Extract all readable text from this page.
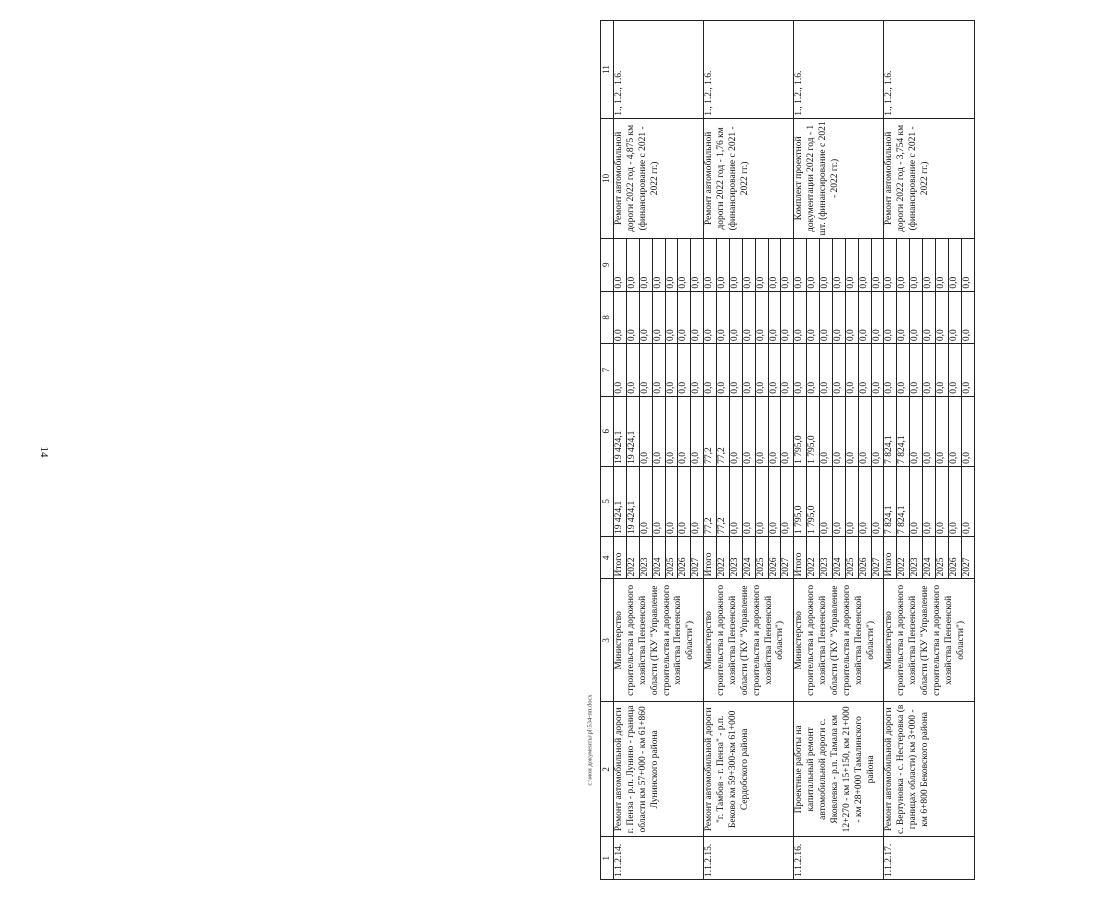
14
1	2	3	4	5	6	7	8	9	10	11
1.1.2.14.	Ремонт автомобильной дороги г. Пенза - р.п. Лунино - граница области км 57+000 - км 61+860 Лунинского района	Министерство строительства и дорожного хозяйства Пензенской области (ГКУ "Управление строительства и дорожного хозяйства Пензенской области")	Итого	19 424,1	19 424,1	0,0	0,0	0,0	Ремонт автомобильной дороги 2022 год - 4,875 км (финансирование с 2021 - 2022 гг.)	1., 1.2., 1.6.
			2022	19 424,1	19 424,1	0,0	0,0	0,0		
			2023	0,0	0,0	0,0	0,0	0,0		
			2024	0,0	0,0	0,0	0,0	0,0		
			2025	0,0	0,0	0,0	0,0	0,0		
			2026	0,0	0,0	0,0	0,0	0,0		
			2027	0,0	0,0	0,0	0,0	0,0		
1.1.2.15.	Ремонт автомобильной дороги "г. Тамбов - г. Пенза" - р.п. Беково км 59+300-км 61+000 Сердобского района	Министерство строительства и дорожного хозяйства Пензенской области (ГКУ "Управление строительства и дорожного хозяйства Пензенской области")	Итого	77,2	77,2	0,0	0,0	0,0	Ремонт автомобильной дороги 2022 год - 1,76 км (финансирование с 2021 - 2022 гг.)	1., 1.2., 1.6.
			2022	77,2	77,2	0,0	0,0	0,0		
			2023	0,0	0,0	0,0	0,0	0,0		
			2024	0,0	0,0	0,0	0,0	0,0		
			2025	0,0	0,0	0,0	0,0	0,0		
			2026	0,0	0,0	0,0	0,0	0,0		
			2027	0,0	0,0	0,0	0,0	0,0		
1.1.2.16.	Проектные работы на капитальный ремонт автомобильной дороги с. Яковлевка - р.п. Тамала км 12+270 - км 15+150, км 21+000 - км 28+000 Тамалинского района	Министерство строительства и дорожного хозяйства Пензенской области (ГКУ "Управление строительства и дорожного хозяйства Пензенской области")	Итого	1 795,0	1 795,0	0,0	0,0	0,0	Комплект проектной документации 2022 год - 1 шт. (финансирование с 2021 - 2022 гг.)	1., 1.2., 1.6.
			2022	1 795,0	1 795,0	0,0	0,0	0,0		
			2023	0,0	0,0	0,0	0,0	0,0		
			2024	0,0	0,0	0,0	0,0	0,0		
			2025	0,0	0,0	0,0	0,0	0,0		
			2026	0,0	0,0	0,0	0,0	0,0		
			2027	0,0	0,0	0,0	0,0	0,0		
1.1.2.17.	Ремонт автомобильной дороги с. Вертуновка - с. Нестеровка (в границах области) км 3+000 - км 6+800 Бековского района	Министерство строительства и дорожного хозяйства Пензенской области (ГКУ "Управление строительства и дорожного хозяйства Пензенской области")	Итого	7 824,1	7 824,1	0,0	0,0	0,0	Ремонт автомобильной дороги 2022 год - 3,754 км (финансирование с 2021 - 2022 гг.)	1., 1.2., 1.6.
			2022	7 824,1	7 824,1	0,0	0,0	0,0		
			2023	0,0	0,0	0,0	0,0	0,0		
			2024	0,0	0,0	0,0	0,0	0,0		
			2025	0,0	0,0	0,0	0,0	0,0		
			2026	0,0	0,0	0,0	0,0	0,0		
			2027	0,0	0,0	0,0	0,0	0,0		
c:\мои документы\pl\534-пп.docx
